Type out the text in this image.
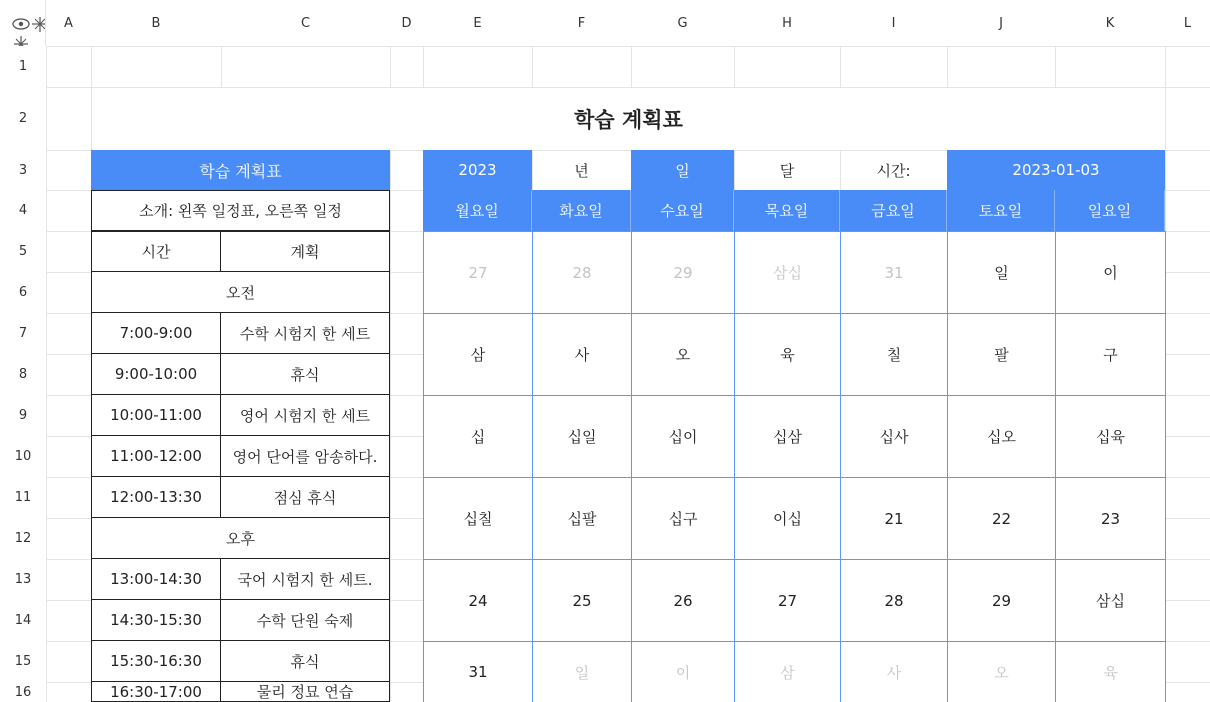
A	B	C	D	E	F	G	H	I	J	K	L
1
2
3
4
5
6
7
8
9
10
11
12
13
14
15
16
학습 계획표
학습 계획표
소개: 왼쪽 일정표, 오른쪽 일정
시간	계획
오전
7:00-9:00	수학 시험지 한 세트
9:00-10:00	휴식
10:00-11:00	영어 시험지 한 세트
11:00-12:00	영어 단어를 암송하다.
12:00-13:30	점심 휴식
오후
13:00-14:30	국어 시험지 한 세트.
14:30-15:30	수학 단원 숙제
15:30-16:30	휴식
16:30-17:00	물리 정묘 연습
2023	년	일	달	시간:	2023-01-03
월요일	화요일	수요일	목요일	금요일	토요일	일요일
27	28	29	삼십	31	일	이
삼	사	오	육	칠	팔	구
십	십일	십이	십삼	십사	십오	십육
십칠	십팔	십구	이십	21	22	23
24	25	26	27	28	29	삼십
31	일	이	삼	사	오	육
